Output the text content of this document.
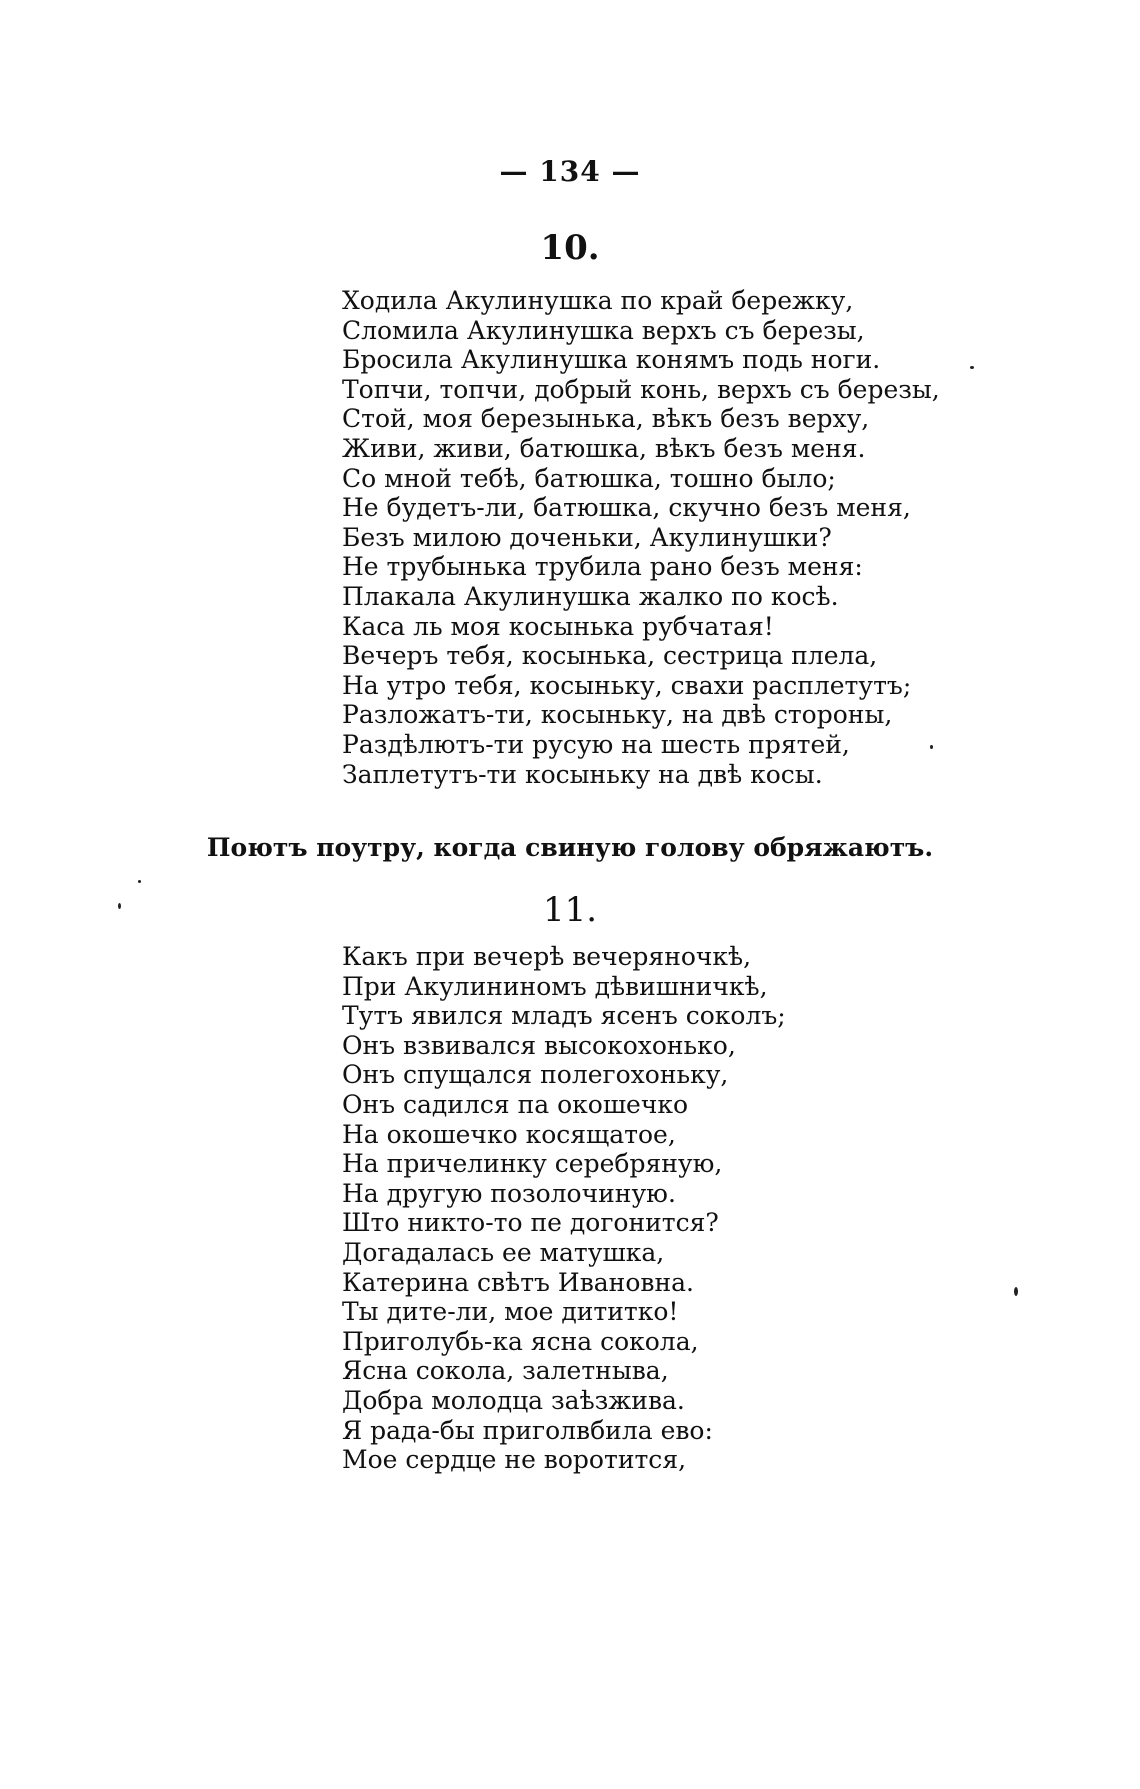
— 134 —
10.
Ходила Акулинушка по край бережку,
Сломила Акулинушка верхъ съ березы,
Бросила Акулинушка конямъ подь ноги.
Топчи, топчи, добрый конь, верхъ съ березы,
Стой, моя березынька, вѣкъ безъ верху,
Живи, живи, батюшка, вѣкъ безъ меня.
Со мной тебѣ, батюшка, тошно было;
Не будетъ-ли, батюшка, скучно безъ меня,
Безъ милою доченьки, Акулинушки?
Не трубынька трубила рано безъ меня:
Плакала Акулинушка жалко по косѣ.
Каса ль моя косынька рубчатая!
Вечеръ тебя, косынька, сестрица плела,
На утро тебя, косыньку, свахи расплетутъ;
Разложатъ-ти, косыньку, на двѣ стороны,
Раздѣлютъ-ти русую на шесть прятей,
Заплетутъ-ти косыньку на двѣ косы.
Поютъ поутру, когда свиную голову обряжаютъ.
11.
Какъ при вечерѣ вечеряночкѣ,
При Акулининомъ дѣвишничкѣ,
Тутъ явился младъ ясенъ соколъ;
Онъ взвивался высокохонько,
Онъ спущался полегохоньку,
Онъ садился па окошечко
На окошечко косящатое,
На причелинку серебряную,
На другую позолочиную.
Што никто-то пе догонится?
Догадалась ее матушка,
Катерина свѣтъ Ивановна.
Ты дите-ли, мое дититко!
Приголубь-ка ясна сокола,
Ясна сокола, залетныва,
Добра молодца заѣзжива.
Я рада-бы приголвбила ево:
Мое сердце не воротится,
